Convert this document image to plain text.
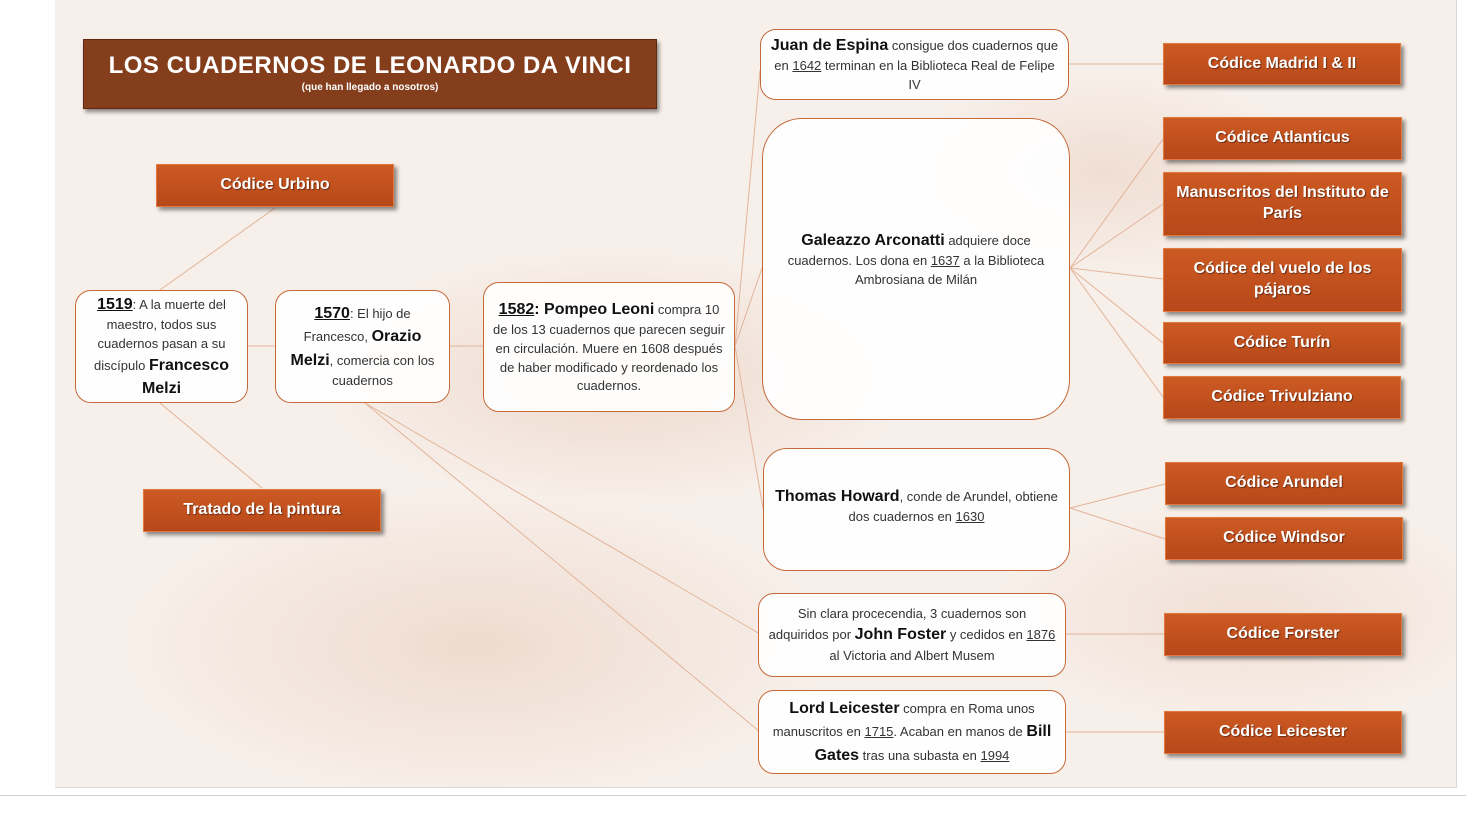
LOS CUADERNOS DE LEONARDO DA VINCI
(que han llegado a nosotros)
Códice Urbino
Tratado de la pintura
1519: A la muerte del maestro, todos sus cuadernos pasan a su discípulo Francesco Melzi
1570: El hijo de Francesco, Orazio Melzi, comercia con los cuadernos
1582: Pompeo Leoni compra 10 de los 13 cuadernos que parecen seguir en circulación. Muere en 1608 después de haber modificado y reordenado los cuadernos.
Juan de Espina consigue dos cuadernos que en 1642 terminan en la Biblioteca Real de Felipe IV
Galeazzo Arconatti adquiere doce cuadernos. Los dona en 1637 a la Biblioteca Ambrosiana de Milán
Thomas Howard, conde de Arundel, obtiene dos cuadernos en 1630
Sin clara procecendia, 3 cuadernos son adquiridos por John Foster y cedidos en 1876 al Victoria and Albert Musem
Lord Leicester compra en Roma unos manuscritos en 1715. Acaban en manos de Bill Gates tras una subasta en 1994
Códice Madrid I & II
Códice Atlanticus
Manuscritos del Instituto de París
Códice del vuelo de los pájaros
Códice Turín
Códice Trivulziano
Códice Arundel
Códice Windsor
Códice Forster
Códice Leicester
